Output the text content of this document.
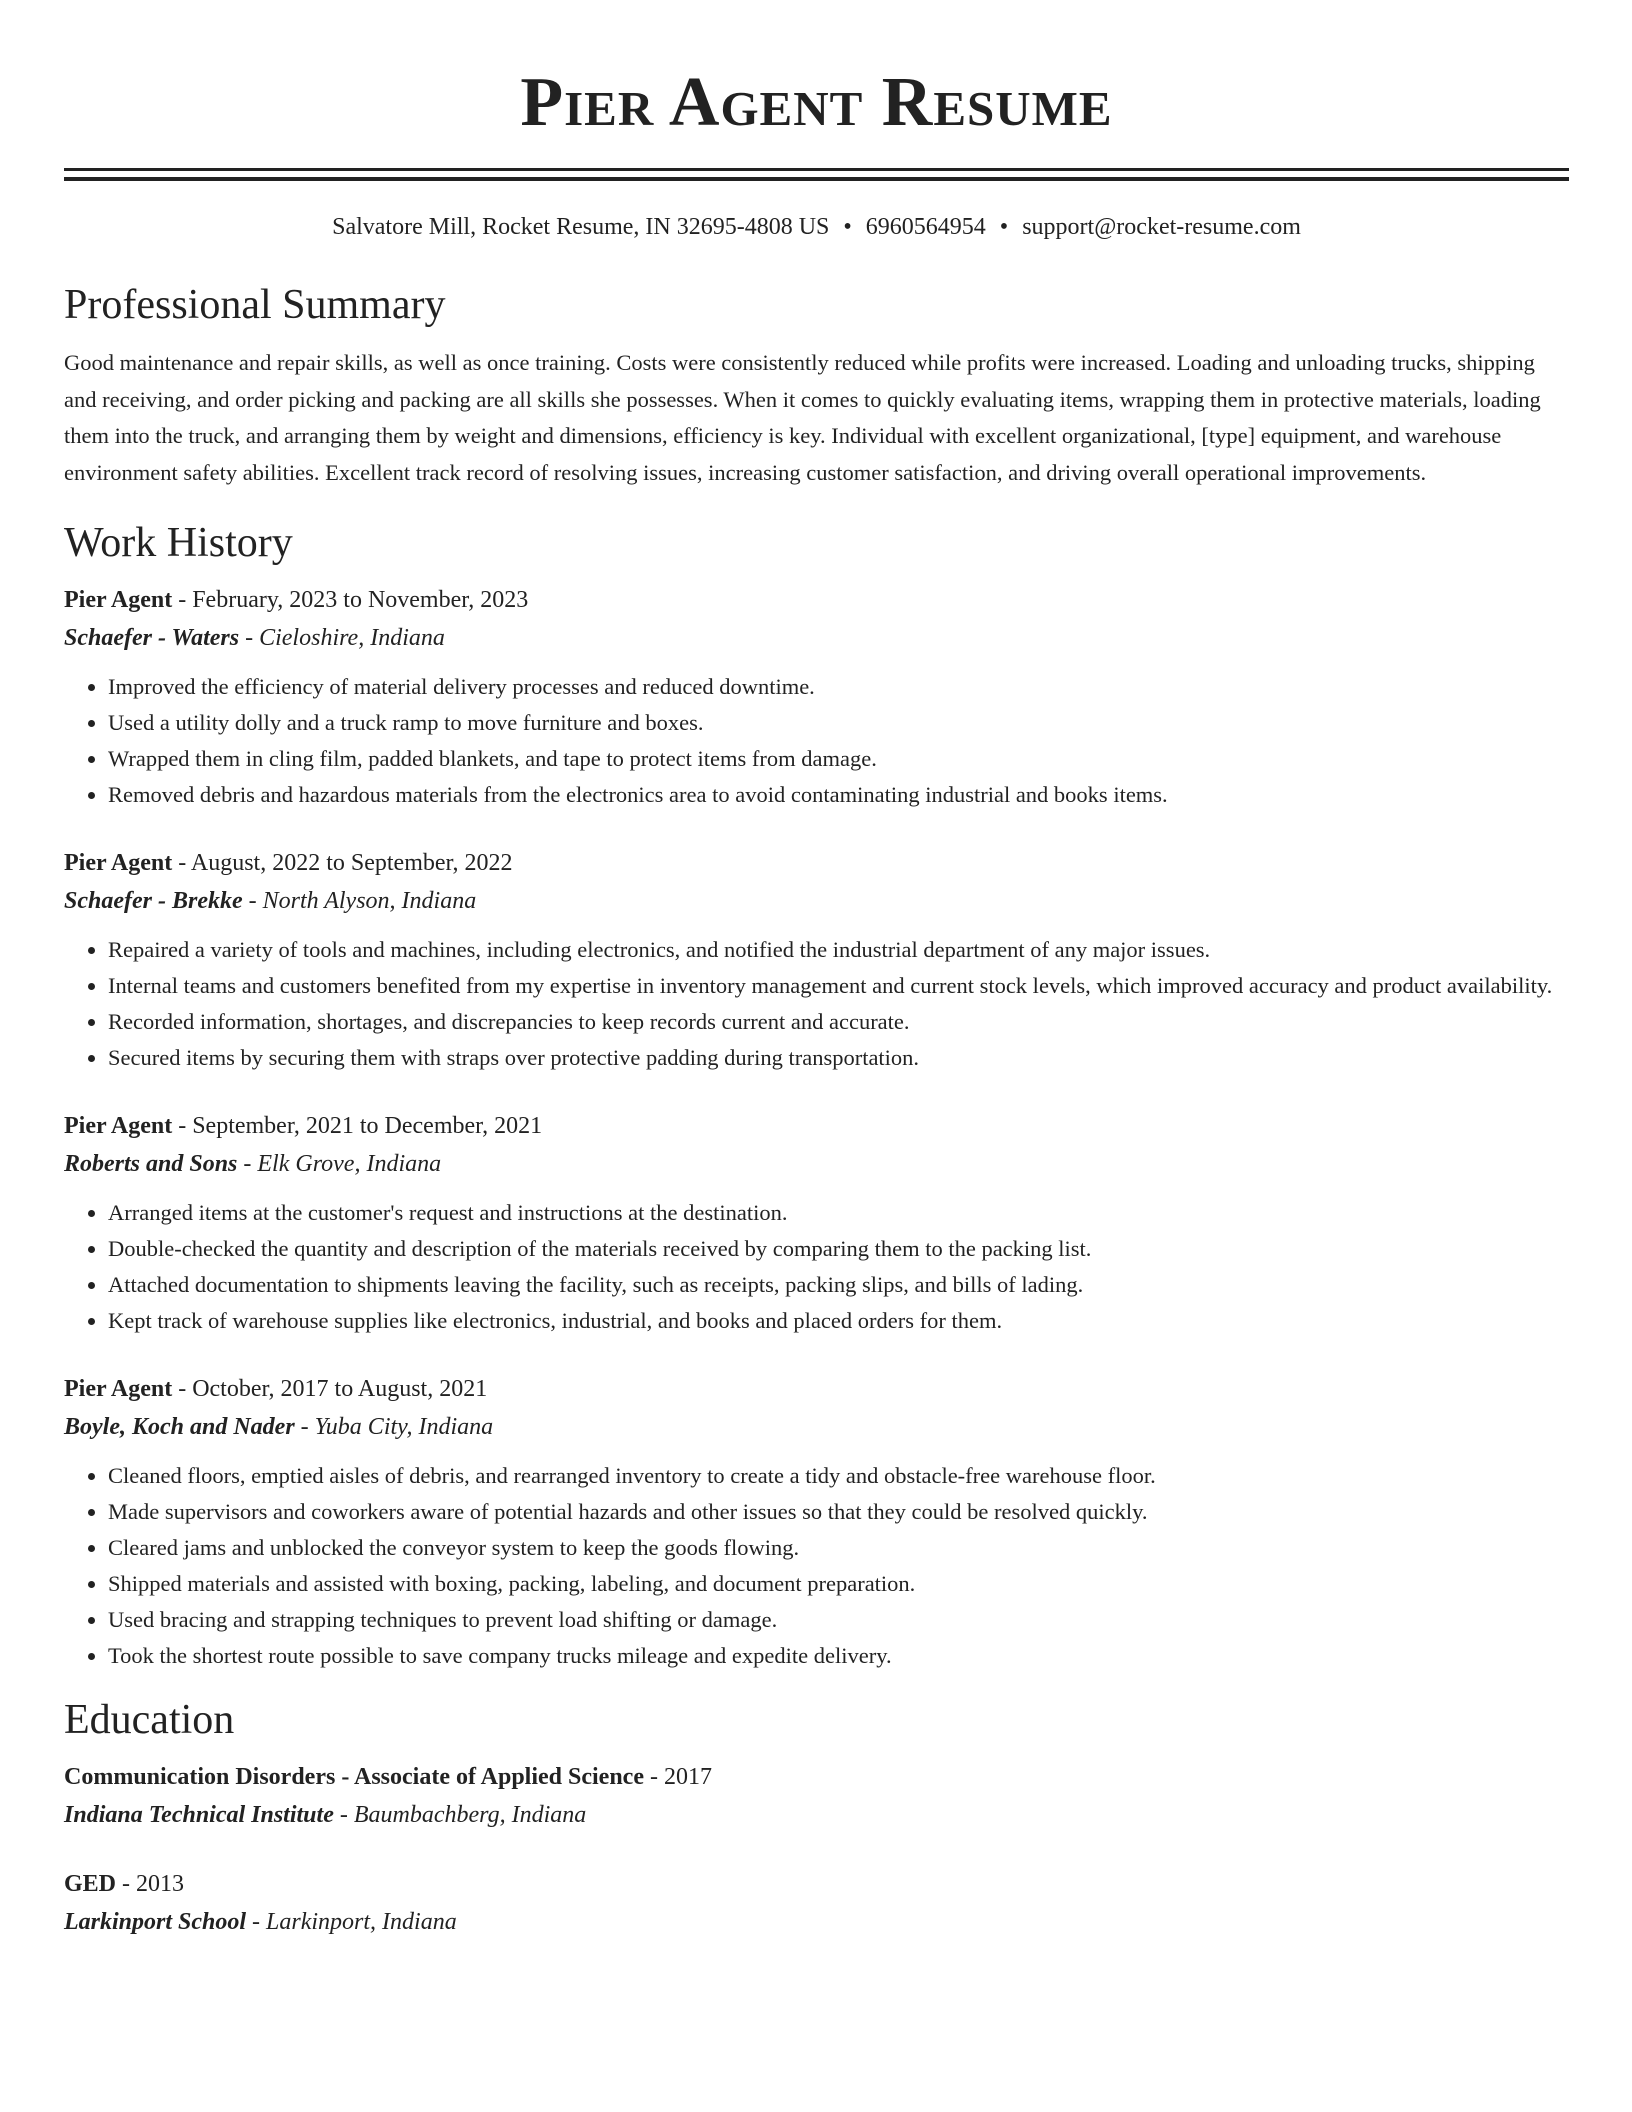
Pier Agent Resume
Salvatore Mill, Rocket Resume, IN 32695-4808 US • 6960564954 • support@rocket-resume.com
Professional Summary
Good maintenance and repair skills, as well as once training. Costs were consistently reduced while profits were increased. Loading and unloading trucks, shipping and receiving, and order picking and packing are all skills she possesses. When it comes to quickly evaluating items, wrapping them in protective materials, loading them into the truck, and arranging them by weight and dimensions, efficiency is key. Individual with excellent organizational, [type] equipment, and warehouse environment safety abilities. Excellent track record of resolving issues, increasing customer satisfaction, and driving overall operational improvements.
Work History
Pier Agent - February, 2023 to November, 2023
Schaefer - Waters - Cieloshire, Indiana
• Improved the efficiency of material delivery processes and reduced downtime.
• Used a utility dolly and a truck ramp to move furniture and boxes.
• Wrapped them in cling film, padded blankets, and tape to protect items from damage.
• Removed debris and hazardous materials from the electronics area to avoid contaminating industrial and books items.
Pier Agent - August, 2022 to September, 2022
Schaefer - Brekke - North Alyson, Indiana
• Repaired a variety of tools and machines, including electronics, and notified the industrial department of any major issues.
• Internal teams and customers benefited from my expertise in inventory management and current stock levels, which improved accuracy and product availability.
• Recorded information, shortages, and discrepancies to keep records current and accurate.
• Secured items by securing them with straps over protective padding during transportation.
Pier Agent - September, 2021 to December, 2021
Roberts and Sons - Elk Grove, Indiana
• Arranged items at the customer's request and instructions at the destination.
• Double-checked the quantity and description of the materials received by comparing them to the packing list.
• Attached documentation to shipments leaving the facility, such as receipts, packing slips, and bills of lading.
• Kept track of warehouse supplies like electronics, industrial, and books and placed orders for them.
Pier Agent - October, 2017 to August, 2021
Boyle, Koch and Nader - Yuba City, Indiana
• Cleaned floors, emptied aisles of debris, and rearranged inventory to create a tidy and obstacle-free warehouse floor.
• Made supervisors and coworkers aware of potential hazards and other issues so that they could be resolved quickly.
• Cleared jams and unblocked the conveyor system to keep the goods flowing.
• Shipped materials and assisted with boxing, packing, labeling, and document preparation.
• Used bracing and strapping techniques to prevent load shifting or damage.
• Took the shortest route possible to save company trucks mileage and expedite delivery.
Education
Communication Disorders - Associate of Applied Science - 2017
Indiana Technical Institute - Baumbachberg, Indiana
GED - 2013
Larkinport School - Larkinport, Indiana
